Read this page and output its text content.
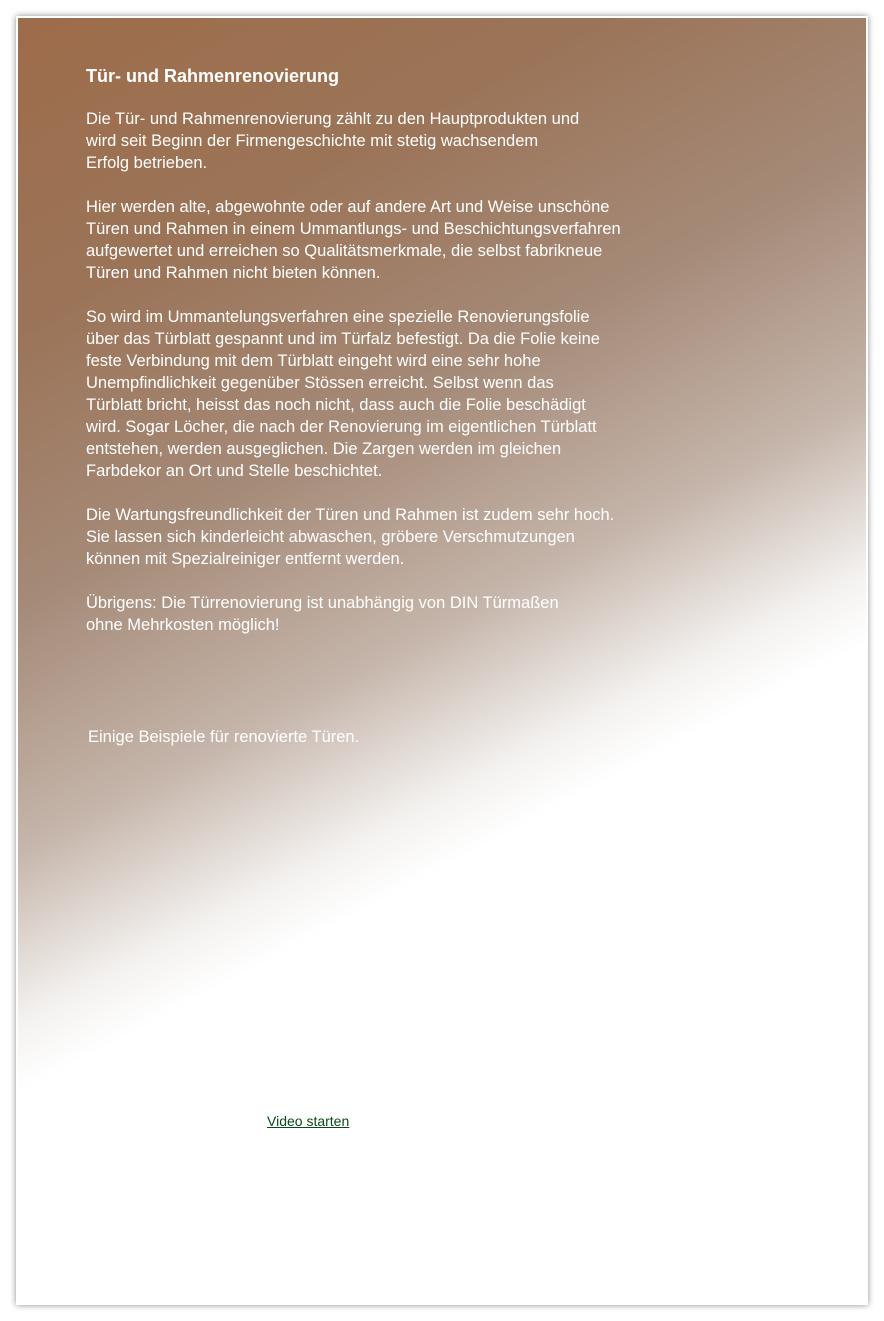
Tür- und Rahmenrenovierung

Die Tür- und Rahmenrenovierung zählt zu den Hauptprodukten und
wird seit Beginn der Firmengeschichte mit stetig wachsendem
Erfolg betrieben.

Hier werden alte, abgewohnte oder auf andere Art und Weise unschöne
Türen und Rahmen in einem Ummantlungs- und Beschichtungsverfahren
aufgewertet und erreichen so Qualitätsmerkmale, die selbst fabrikneue
Türen und Rahmen nicht bieten können.

So wird im Ummantelungsverfahren eine spezielle Renovierungsfolie
über das Türblatt gespannt und im Türfalz befestigt. Da die Folie keine
feste Verbindung mit dem Türblatt eingeht wird eine sehr hohe
Unempfindlichkeit gegenüber Stössen erreicht. Selbst wenn das
Türblatt bricht, heisst das noch nicht, dass auch die Folie beschädigt
wird. Sogar Löcher, die nach der Renovierung im eigentlichen Türblatt
entstehen, werden ausgeglichen. Die Zargen werden im gleichen
Farbdekor an Ort und Stelle beschichtet.

Die Wartungsfreundlichkeit der Türen und Rahmen ist zudem sehr hoch.
Sie lassen sich kinderleicht abwaschen, gröbere Verschmutzungen
können mit Spezialreiniger entfernt werden.

Übrigens: Die Türrenovierung ist unabhängig von DIN Türmaßen
ohne Mehrkosten möglich!

Einige Beispiele für renovierte Türen.
Möchten Sie unseren Informationsfilm
über Türen anschauen?
Video starten
